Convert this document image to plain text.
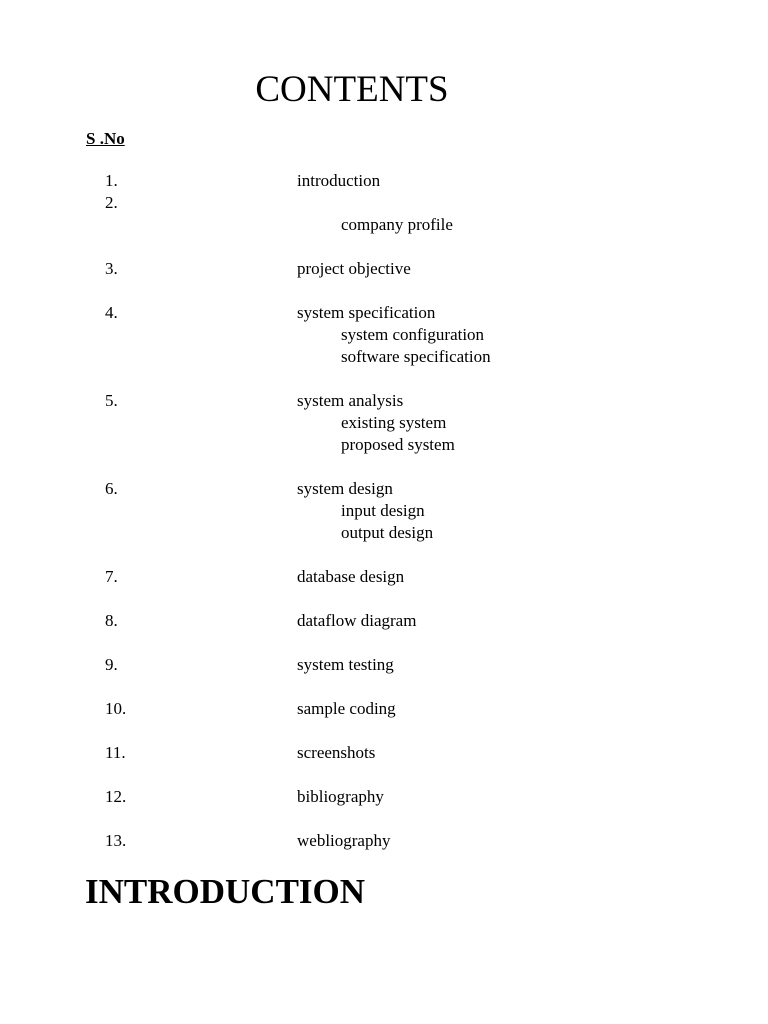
CONTENTS

S .No

1.	introduction
2.
company profile
3.	project objective
4.	system specification
system configuration
software specification
5.	system analysis
existing system
proposed system
6.	system design
input design
output design
7.	database design
8.	dataflow diagram
9.	system testing
10.	sample coding
11.	screenshots
12.	bibliography
13.	webliography
INTRODUCTION
